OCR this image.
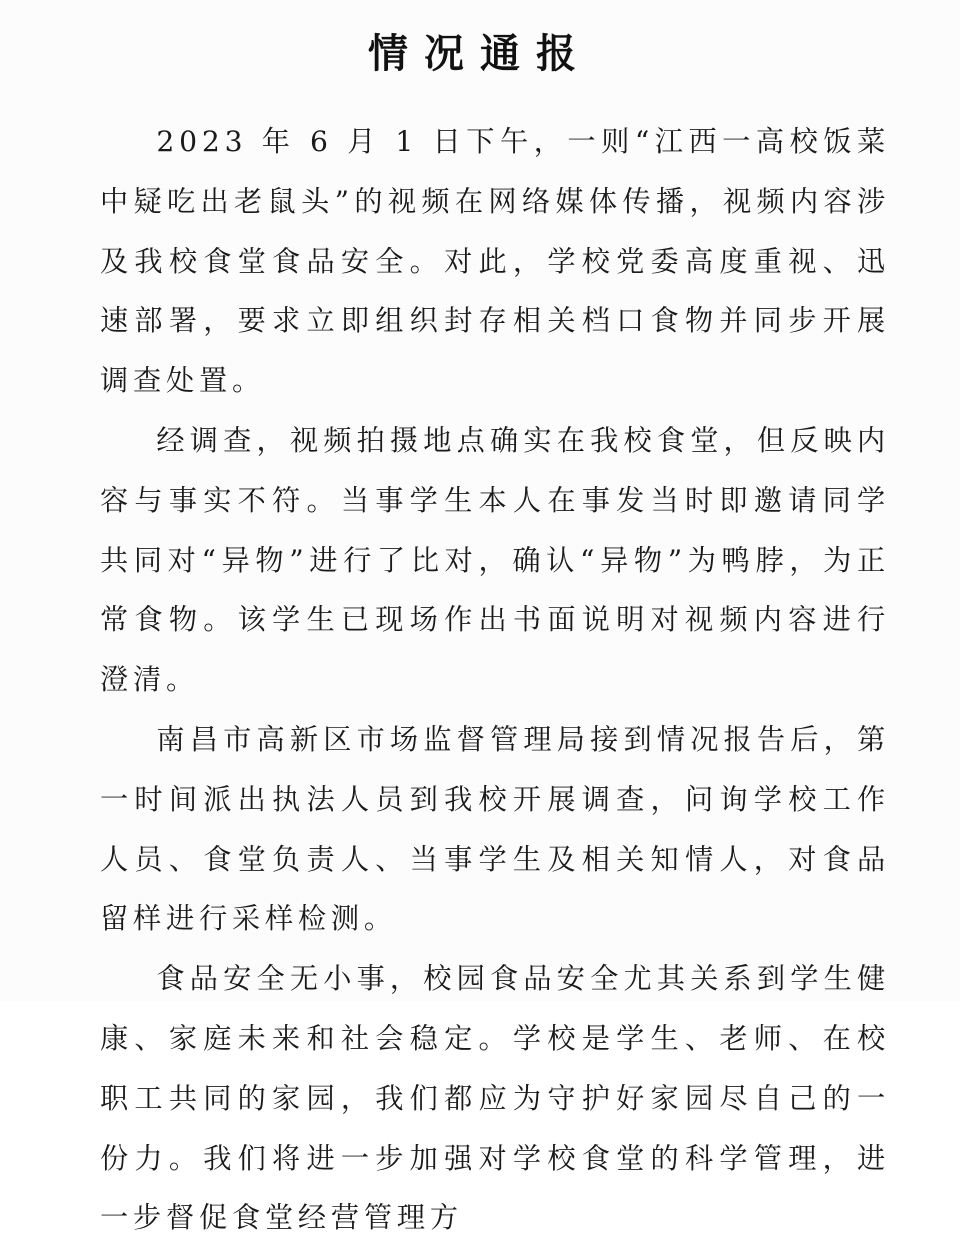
情况通报

2023 年 6 月 1 日下午，一则“江西一高校饭菜中疑吃出老鼠头”的视频在网络媒体传播，视频内容涉及我校食堂食品安全。对此，学校党委高度重视、迅速部署，要求立即组织封存相关档口食物并同步开展调查处置。

经调查，视频拍摄地点确实在我校食堂，但反映内容与事实不符。当事学生本人在事发当时即邀请同学共同对“异物”进行了比对，确认“异物”为鸭脖，为正常食物。该学生已现场作出书面说明对视频内容进行澄清。

南昌市高新区市场监督管理局接到情况报告后，第一时间派出执法人员到我校开展调查，问询学校工作人员、食堂负责人、当事学生及相关知情人，对食品留样进行采样检测。

食品安全无小事，校园食品安全尤其关系到学生健康、家庭未来和社会稳定。学校是学生、老师、在校职工共同的家园，我们都应为守护好家园尽自己的一份力。我们将进一步加强对学校食堂的科学管理，进一步督促食堂经营管理方
